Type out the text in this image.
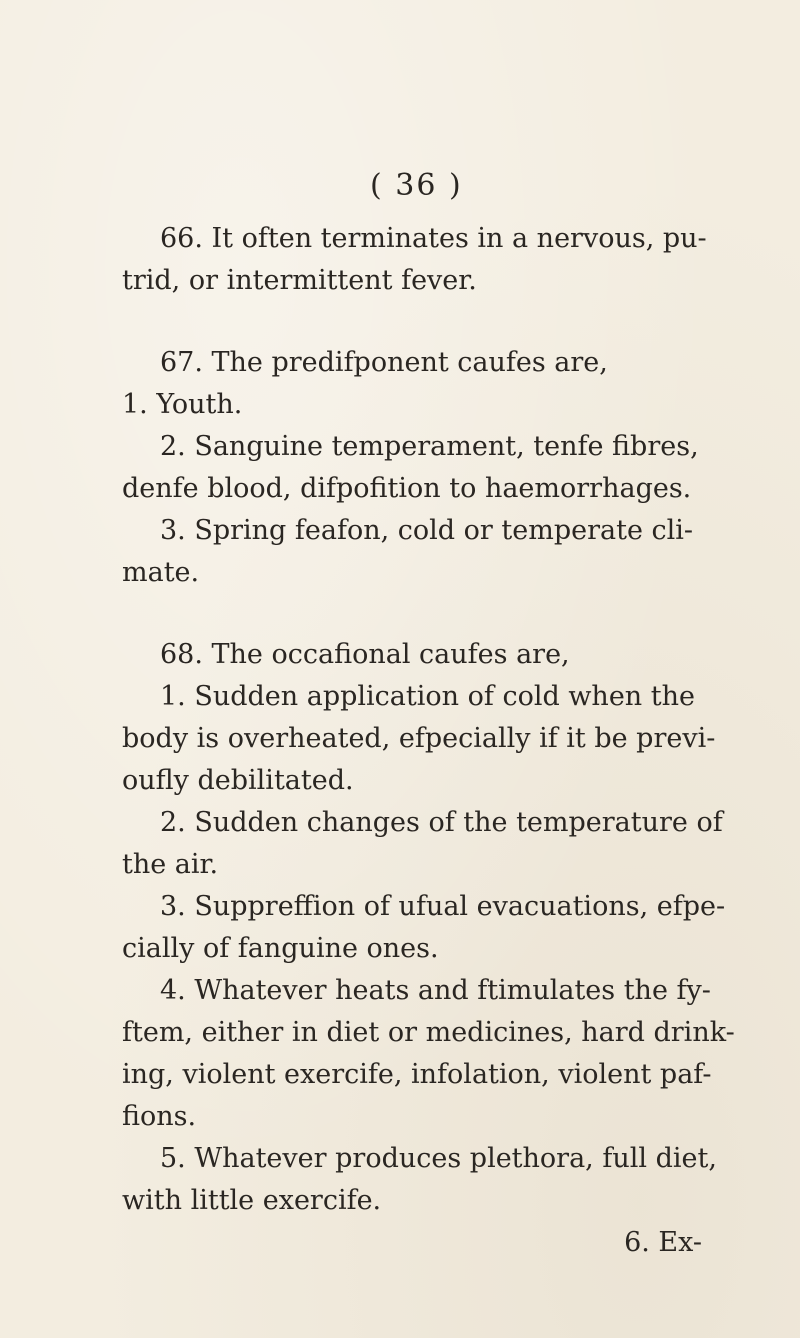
( 36 )
66. It often terminates in a nervous, pu-
trid, or intermittent fever.
67. The predifponent caufes are,
1. Youth.
2. Sanguine temperament, tenfe fibres,
denfe blood, difpofition to haemorrhages.
3. Spring feafon, cold or temperate cli-
mate.
68. The occafional caufes are,
1. Sudden application of cold when the
body is overheated, efpecially if it be previ-
oufly debilitated.
2. Sudden changes of the temperature of
the air.
3. Suppreffion of ufual evacuations, efpe-
cially of fanguine ones.
4. Whatever heats and ftimulates the fy-
ftem, either in diet or medicines, hard drink-
ing, violent exercife, infolation, violent paf-
fions.
5. Whatever produces plethora, full diet,
with little exercife.
6. Ex-
